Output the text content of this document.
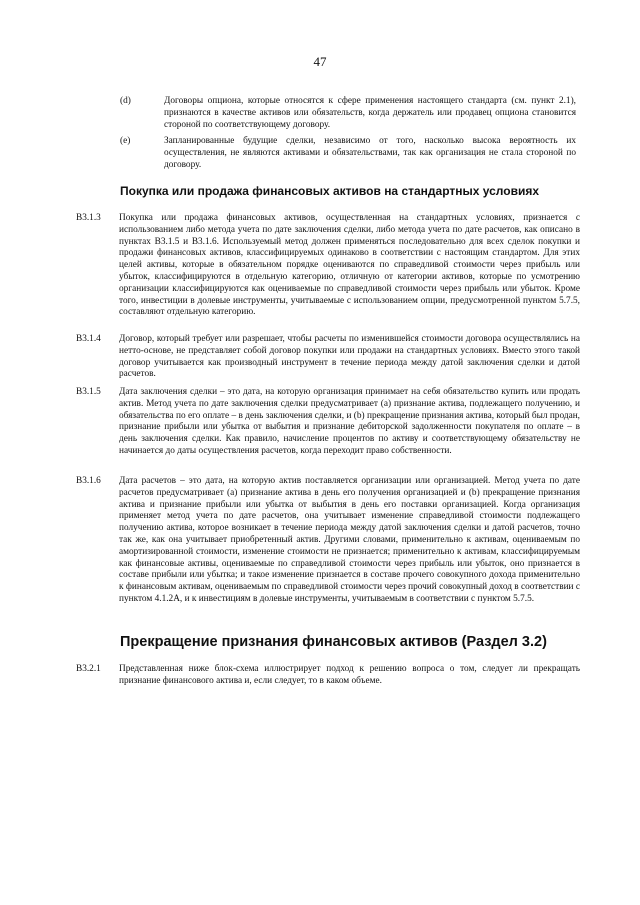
47
(d)	Договоры опциона, которые относятся к сфере применения настоящего стандарта (см. пункт 2.1), признаются в качестве активов или обязательств, когда держатель или продавец опциона становится стороной по соответствующему договору.
(e)	Запланированные будущие сделки, независимо от того, насколько высока вероятность их осуществления, не являются активами и обязательствами, так как организация не стала стороной по договору.
Покупка или продажа финансовых активов на стандартных условиях
В3.1.3	Покупка или продажа финансовых активов, осуществленная на стандартных условиях, признается с использованием либо метода учета по дате заключения сделки, либо метода учета по дате расчетов, как описано в пунктах В3.1.5 и В3.1.6. Используемый метод должен применяться последовательно для всех сделок покупки и продажи финансовых активов, классифицируемых одинаково в соответствии с настоящим стандартом. Для этих целей активы, которые в обязательном порядке оцениваются по справедливой стоимости через прибыль или убыток, классифицируются в отдельную категорию, отличную от категории активов, которые по усмотрению организации классифицируются как оцениваемые по справедливой стоимости через прибыль или убыток. Кроме того, инвестиции в долевые инструменты, учитываемые с использованием опции, предусмотренной пунктом 5.7.5, составляют отдельную категорию.
В3.1.4	Договор, который требует или разрешает, чтобы расчеты по изменившейся стоимости договора осуществлялись на нетто-основе, не представляет собой договор покупки или продажи на стандартных условиях. Вместо этого такой договор учитывается как производный инструмент в течение периода между датой заключения сделки и датой расчетов.
В3.1.5	Дата заключения сделки – это дата, на которую организация принимает на себя обязательство купить или продать актив. Метод учета по дате заключения сделки предусматривает (а) признание актива, подлежащего получению, и обязательства по его оплате – в день заключения сделки, и (b) прекращение признания актива, который был продан, признание прибыли или убытка от выбытия и признание дебиторской задолженности покупателя по оплате – в день заключения сделки. Как правило, начисление процентов по активу и соответствующему обязательству не начинается до даты осуществления расчетов, когда переходит право собственности.
В3.1.6	Дата расчетов – это дата, на которую актив поставляется организации или организацией. Метод учета по дате расчетов предусматривает (а) признание актива в день его получения организацией и (b) прекращение признания актива и признание прибыли или убытка от выбытия в день его поставки организацией. Когда организация применяет метод учета по дате расчетов, она учитывает изменение справедливой стоимости подлежащего получению актива, которое возникает в течение периода между датой заключения сделки и датой расчетов, точно так же, как она учитывает приобретенный актив. Другими словами, применительно к активам, оцениваемым по амортизированной стоимости, изменение стоимости не признается; применительно к активам, классифицируемым как финансовые активы, оцениваемые по справедливой стоимости через прибыль или убыток, оно признается в составе прибыли или убытка; и такое изменение признается в составе прочего совокупного дохода применительно к финансовым активам, оцениваемым по справедливой стоимости через прочий совокупный доход в соответствии с пунктом 4.1.2А, и к инвестициям в долевые инструменты, учитываемым в соответствии с пунктом 5.7.5.
Прекращение признания финансовых активов (Раздел 3.2)
В3.2.1	Представленная ниже блок-схема иллюстрирует подход к решению вопроса о том, следует ли прекращать признание финансового актива и, если следует, то в каком объеме.
